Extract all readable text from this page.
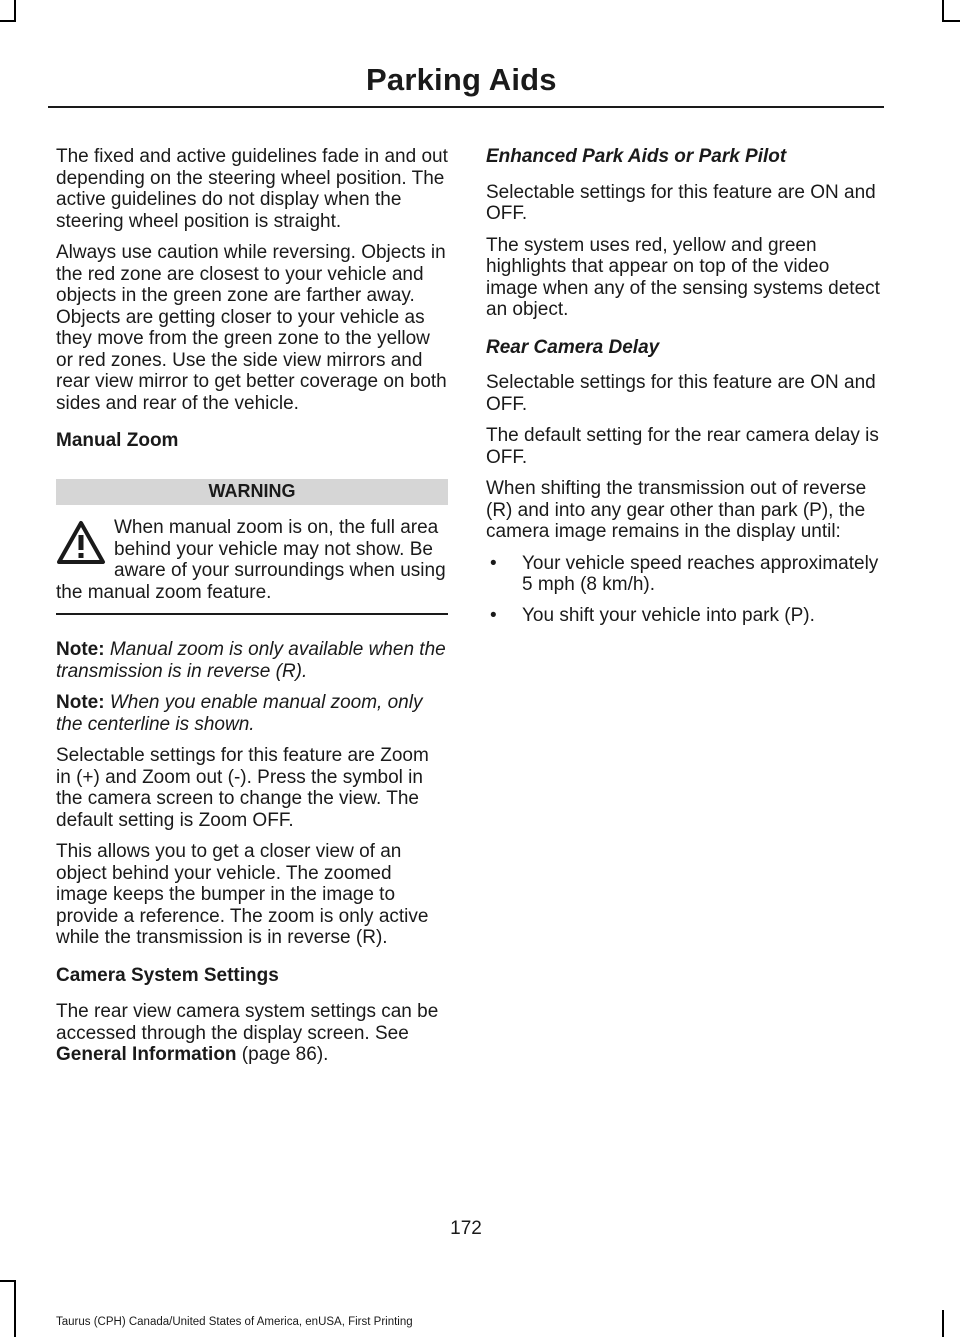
Parking Aids

The fixed and active guidelines fade in and out depending on the steering wheel position. The active guidelines do not display when the steering wheel position is straight.

Always use caution while reversing. Objects in the red zone are closest to your vehicle and objects in the green zone are farther away. Objects are getting closer to your vehicle as they move from the green zone to the yellow or red zones. Use the side view mirrors and rear view mirror to get better coverage on both sides and rear of the vehicle.

Manual Zoom
WARNING
When manual zoom is on, the full area behind your vehicle may not show. Be aware of your surroundings when using the manual zoom feature.

Note: Manual zoom is only available when the transmission is in reverse (R).

Note: When you enable manual zoom, only the centerline is shown.

Selectable settings for this feature are Zoom in (+) and Zoom out (-). Press the symbol in the camera screen to change the view. The default setting is Zoom OFF.

This allows you to get a closer view of an object behind your vehicle. The zoomed image keeps the bumper in the image to provide a reference. The zoom is only active while the transmission is in reverse (R).

Camera System Settings

The rear view camera system settings can be accessed through the display screen. See General Information (page 86).

Enhanced Park Aids or Park Pilot

Selectable settings for this feature are ON and OFF.

The system uses red, yellow and green highlights that appear on top of the video image when any of the sensing systems detect an object.

Rear Camera Delay

Selectable settings for this feature are ON and OFF.

The default setting for the rear camera delay is OFF.

When shifting the transmission out of reverse (R) and into any gear other than park (P), the camera image remains in the display until:

• Your vehicle speed reaches approximately 5 mph (8 km/h).
• You shift your vehicle into park (P).
172
Taurus (CPH) Canada/United States of America, enUSA, First Printing
